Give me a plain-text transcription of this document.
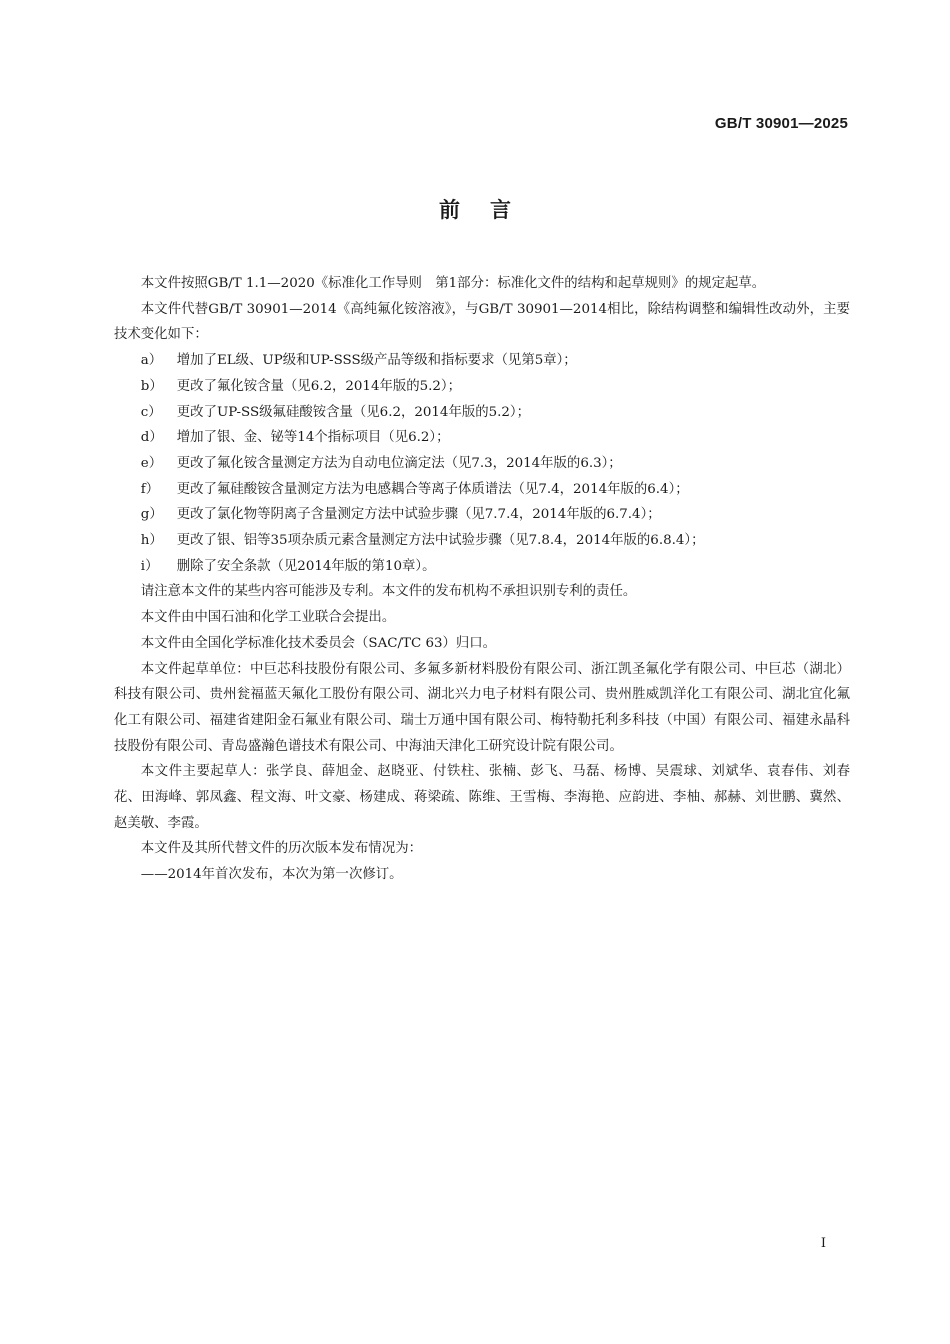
GB/T 30901—2025
前言

本文件按照GB/T 1.1—2020《标准化工作导则　第1部分：标准化文件的结构和起草规则》的规定起草。

本文件代替GB/T 30901—2014《高纯氟化铵溶液》，与GB/T 30901—2014相比，除结构调整和编辑性改动外，主要技术变化如下：

a）	增加了EL级、UP级和UP-SSS级产品等级和指标要求（见第5章）；
b）	更改了氟化铵含量（见6.2，2014年版的5.2）；
c）	更改了UP-SS级氟硅酸铵含量（见6.2，2014年版的5.2）；
d）	增加了银、金、铋等14个指标项目（见6.2）；
e）	更改了氟化铵含量测定方法为自动电位滴定法（见7.3，2014年版的6.3）；
f）	更改了氟硅酸铵含量测定方法为电感耦合等离子体质谱法（见7.4，2014年版的6.4）；
g）	更改了氯化物等阴离子含量测定方法中试验步骤（见7.7.4，2014年版的6.7.4）；
h）	更改了银、铝等35项杂质元素含量测定方法中试验步骤（见7.8.4，2014年版的6.8.4）；
i）	删除了安全条款（见2014年版的第10章）。

请注意本文件的某些内容可能涉及专利。本文件的发布机构不承担识别专利的责任。

本文件由中国石油和化学工业联合会提出。

本文件由全国化学标准化技术委员会（SAC/TC 63）归口。

本文件起草单位：中巨芯科技股份有限公司、多氟多新材料股份有限公司、浙江凯圣氟化学有限公司、中巨芯（湖北）科技有限公司、贵州瓮福蓝天氟化工股份有限公司、湖北兴力电子材料有限公司、贵州胜威凯洋化工有限公司、湖北宜化氟化工有限公司、福建省建阳金石氟业有限公司、瑞士万通中国有限公司、梅特勒托利多科技（中国）有限公司、福建永晶科技股份有限公司、青岛盛瀚色谱技术有限公司、中海油天津化工研究设计院有限公司。

本文件主要起草人：张学良、薛旭金、赵晓亚、付铁柱、张楠、彭飞、马磊、杨博、吴震球、刘斌华、袁春伟、刘春花、田海峰、郭凤鑫、程文海、叶文豪、杨建成、蒋梁疏、陈维、王雪梅、李海艳、应韵进、李柚、郝赫、刘世鹏、冀然、赵美敬、李霞。

本文件及其所代替文件的历次版本发布情况为：

——2014年首次发布，本次为第一次修订。

I
